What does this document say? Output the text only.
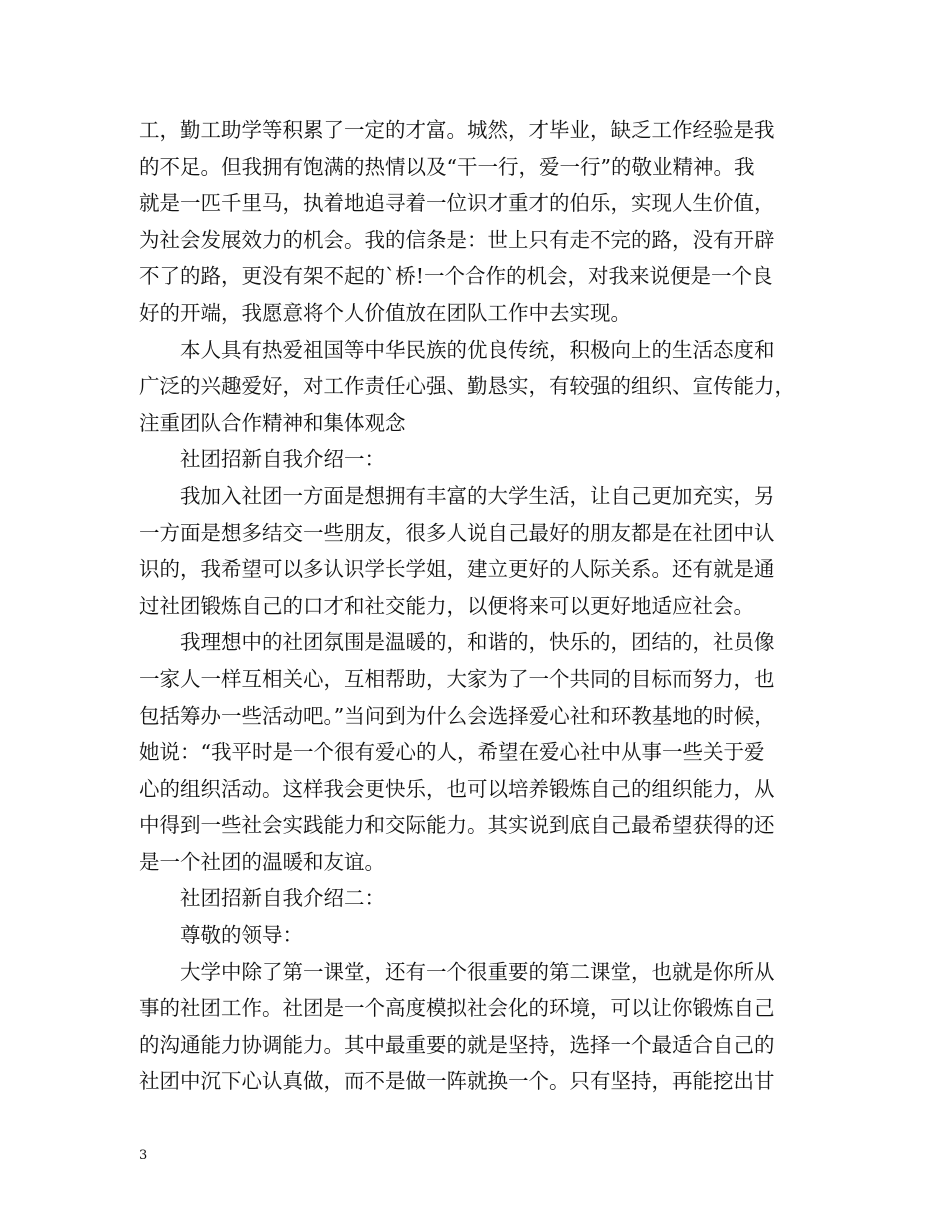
工，勤工助学等积累了一定的才富。城然，才毕业，缺乏工作经验是我
的不足。但我拥有饱满的热情以及“干一行，爱一行”的敬业精神。我
就是一匹千里马，执着地追寻着一位识才重才的伯乐，实现人生价值，
为社会发展效力的机会。我的信条是：世上只有走不完的路，没有开辟
不了的路，更没有架不起的`桥!一个合作的机会，对我来说便是一个良
好的开端，我愿意将个人价值放在团队工作中去实现。
　　本人具有热爱祖国等中华民族的优良传统，积极向上的生活态度和
广泛的兴趣爱好，对工作责任心强、勤恳实，有较强的组织、宣传能力，
注重团队合作精神和集体观念
　　社团招新自我介绍一：
　　我加入社团一方面是想拥有丰富的大学生活，让自己更加充实，另
一方面是想多结交一些朋友，很多人说自己最好的朋友都是在社团中认
识的，我希望可以多认识学长学姐，建立更好的人际关系。还有就是通
过社团锻炼自己的口才和社交能力，以便将来可以更好地适应社会。
　　我理想中的社团氛围是温暖的，和谐的，快乐的，团结的，社员像
一家人一样互相关心，互相帮助，大家为了一个共同的目标而努力，也
包括筹办一些活动吧。”当问到为什么会选择爱心社和环教基地的时候，
她说：“我平时是一个很有爱心的人，希望在爱心社中从事一些关于爱
心的组织活动。这样我会更快乐，也可以培养锻炼自己的组织能力，从
中得到一些社会实践能力和交际能力。其实说到底自己最希望获得的还
是一个社团的温暖和友谊。
　　社团招新自我介绍二：
　　尊敬的领导：
　　大学中除了第一课堂，还有一个很重要的第二课堂，也就是你所从
事的社团工作。社团是一个高度模拟社会化的环境，可以让你锻炼自己
的沟通能力协调能力。其中最重要的就是坚持，选择一个最适合自己的
社团中沉下心认真做，而不是做一阵就换一个。只有坚持，再能挖出甘
3
